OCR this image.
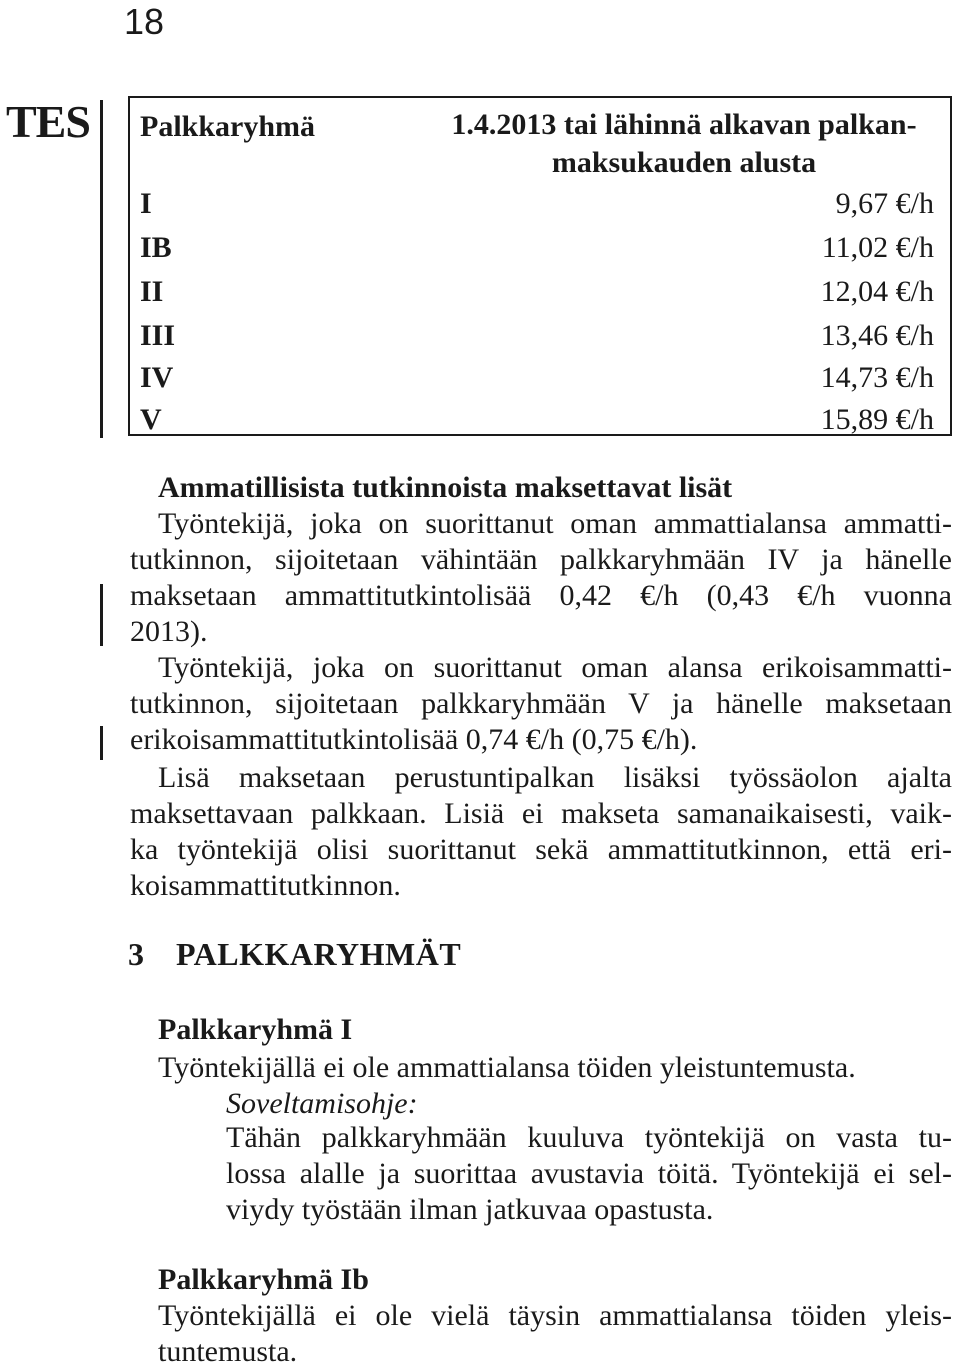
18
TES Palkkaryhmä	1.4.2013 tai lähinnä alkavan palkan-
maksukauden alusta
I	9,67 €/h
IB	11,02 €/h
II	12,04 €/h
III	13,46 €/h
IV	14,73 €/h
V	15,89 €/h
Ammatillisista tutkinnoista maksettavat lisät
Työntekijä, joka on suorittanut oman ammattialansa ammatti-
tutkinnon, sijoitetaan vähintään palkkaryhmään IV ja hänelle
maksetaan ammattitutkintolisää 0,42 €/h (0,43 €/h vuonna
2013).
Työntekijä, joka on suorittanut oman alansa erikoisammatti-
tutkinnon, sijoitetaan palkkaryhmään V ja hänelle maksetaan
erikoisammattitutkintolisää 0,74 €/h (0,75 €/h).
Lisä maksetaan perustuntipalkan lisäksi työssäolon ajalta
maksettavaan palkkaan. Lisiä ei makseta samanaikaisesti, vaik-
ka työntekijä olisi suorittanut sekä ammattitutkinnon, että eri-
koisammattitutkinnon.
3 PALKKARYHMÄT
Palkkaryhmä I
Työntekijällä ei ole ammattialansa töiden yleistuntemusta.
Soveltamisohje:
Tähän palkkaryhmään kuuluva työntekijä on vasta tu-
lossa alalle ja suorittaa avustavia töitä. Työntekijä ei sel-
viydy työstään ilman jatkuvaa opastusta.
Palkkaryhmä Ib
Työntekijällä ei ole vielä täysin ammattialansa töiden yleis-
tuntemusta.
